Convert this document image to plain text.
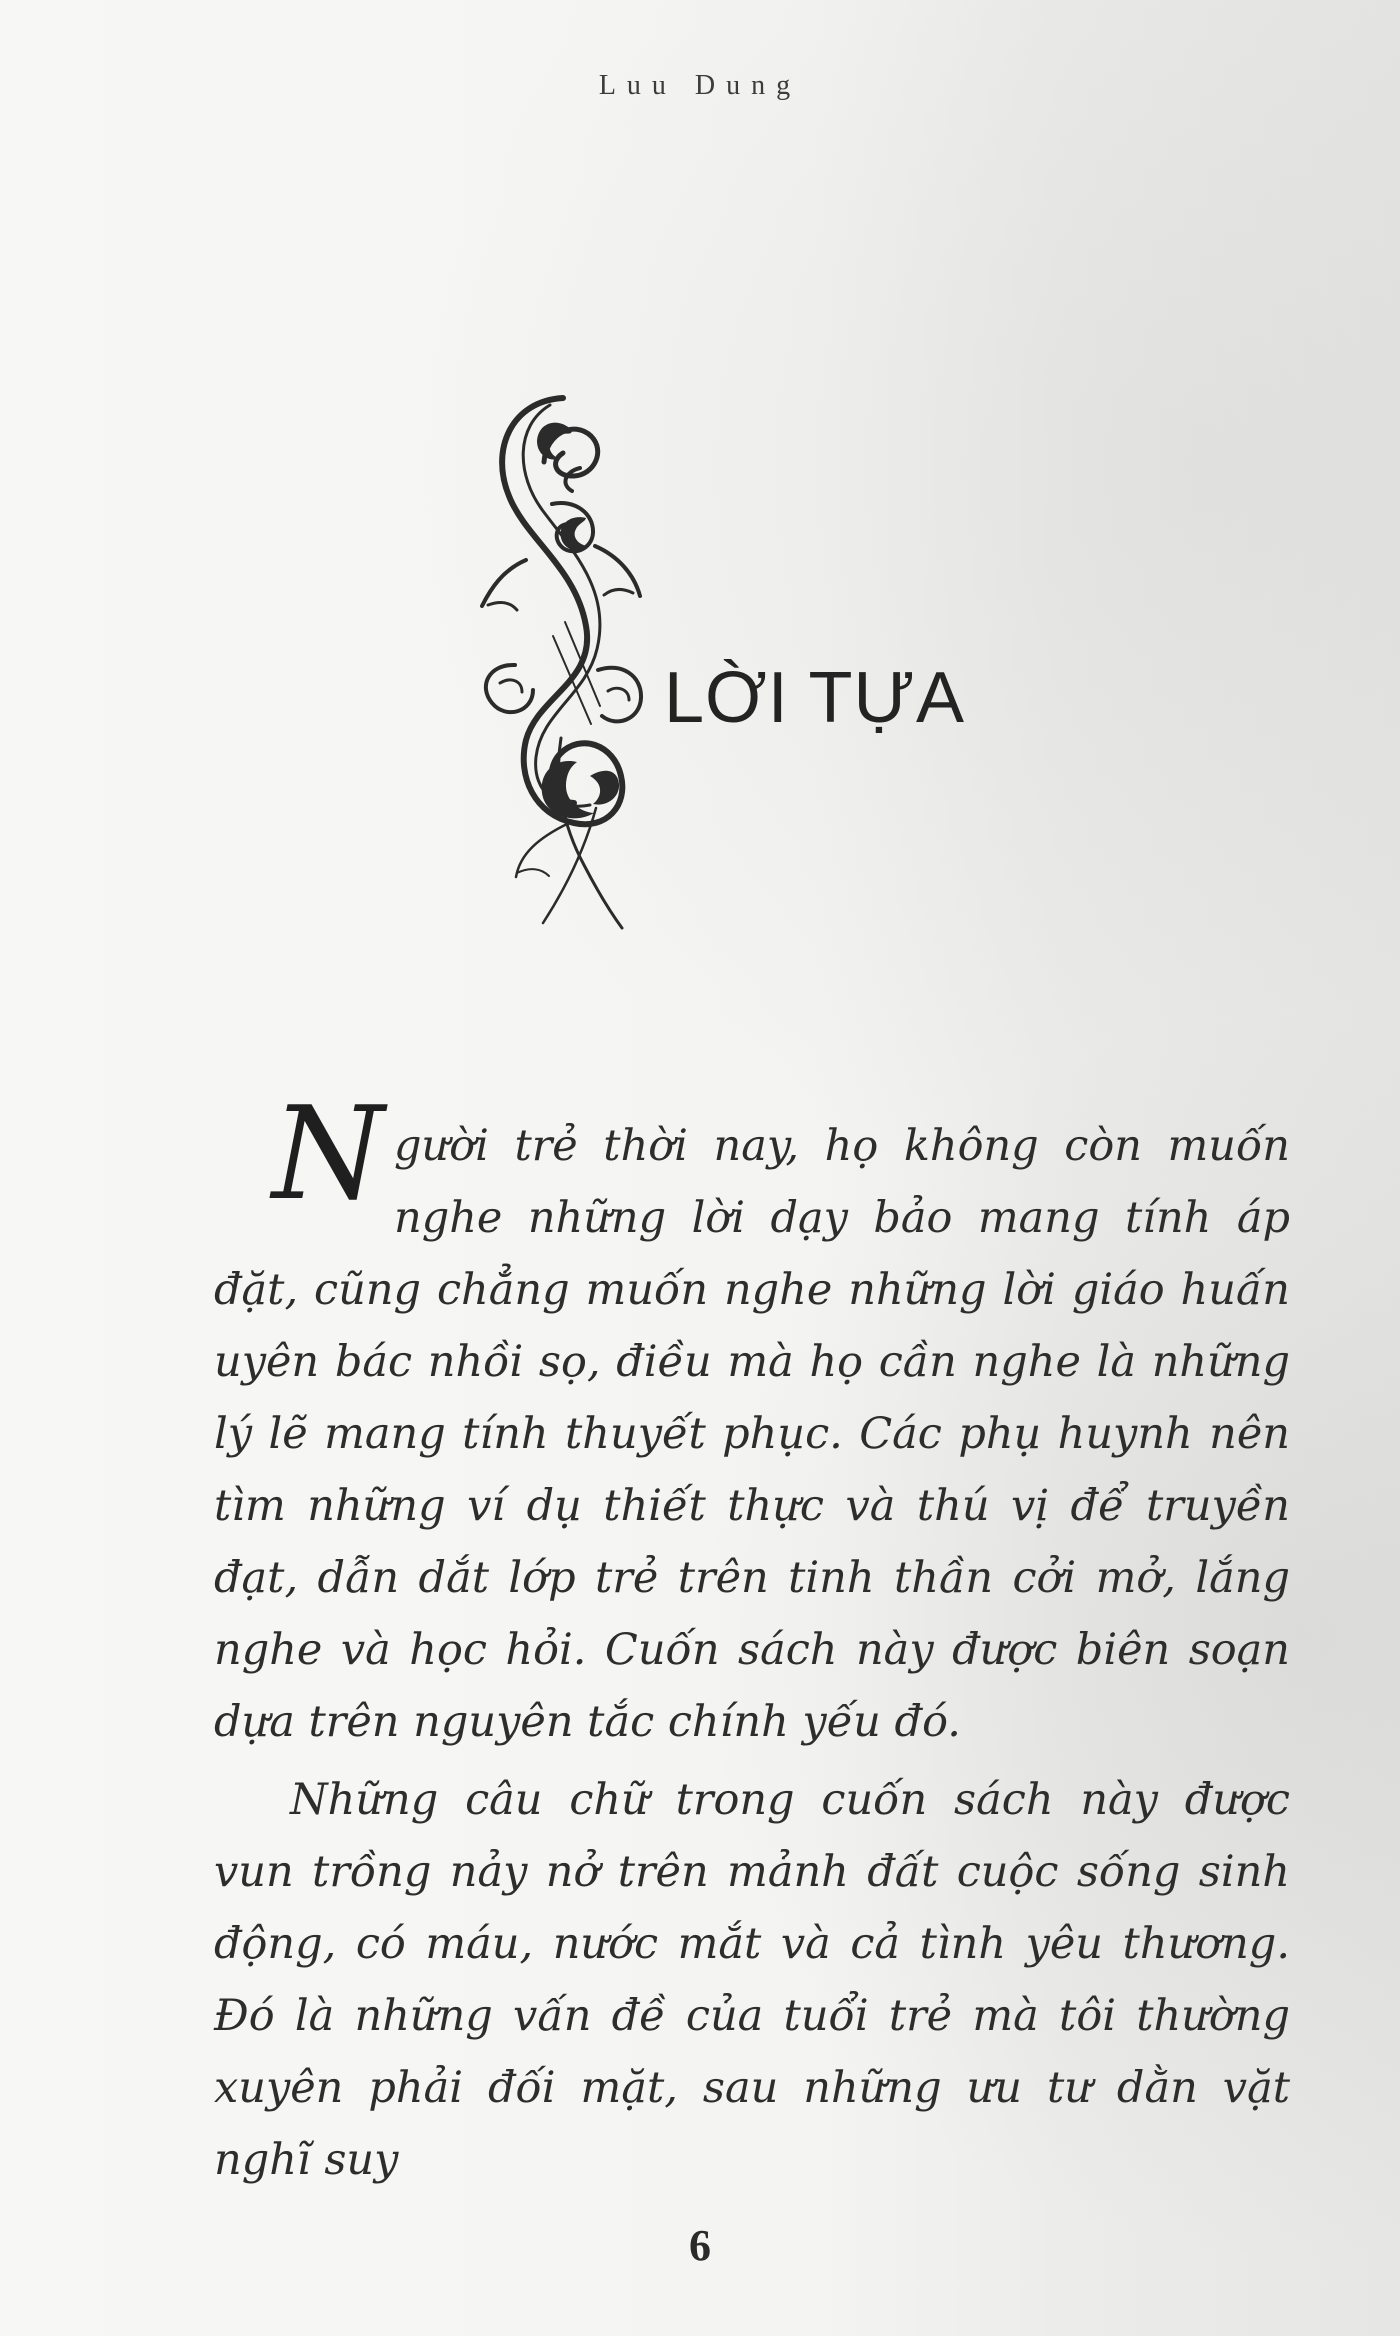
Luu Dung
LỜI TỰA

Người trẻ thời nay, họ không còn muốn nghe những lời dạy bảo mang tính áp đặt, cũng chẳng muốn nghe những lời giáo huấn uyên bác nhồi sọ, điều mà họ cần nghe là những lý lẽ mang tính thuyết phục. Các phụ huynh nên tìm những ví dụ thiết thực và thú vị để truyền đạt, dẫn dắt lớp trẻ trên tinh thần cởi mở, lắng nghe và học hỏi. Cuốn sách này được biên soạn dựa trên nguyên tắc chính yếu đó.

Những câu chữ trong cuốn sách này được vun trồng nảy nở trên mảnh đất cuộc sống sinh động, có máu, nước mắt và cả tình yêu thương. Đó là những vấn đề của tuổi trẻ mà tôi thường xuyên phải đối mặt, sau những ưu tư dằn vặt nghĩ suy

6
